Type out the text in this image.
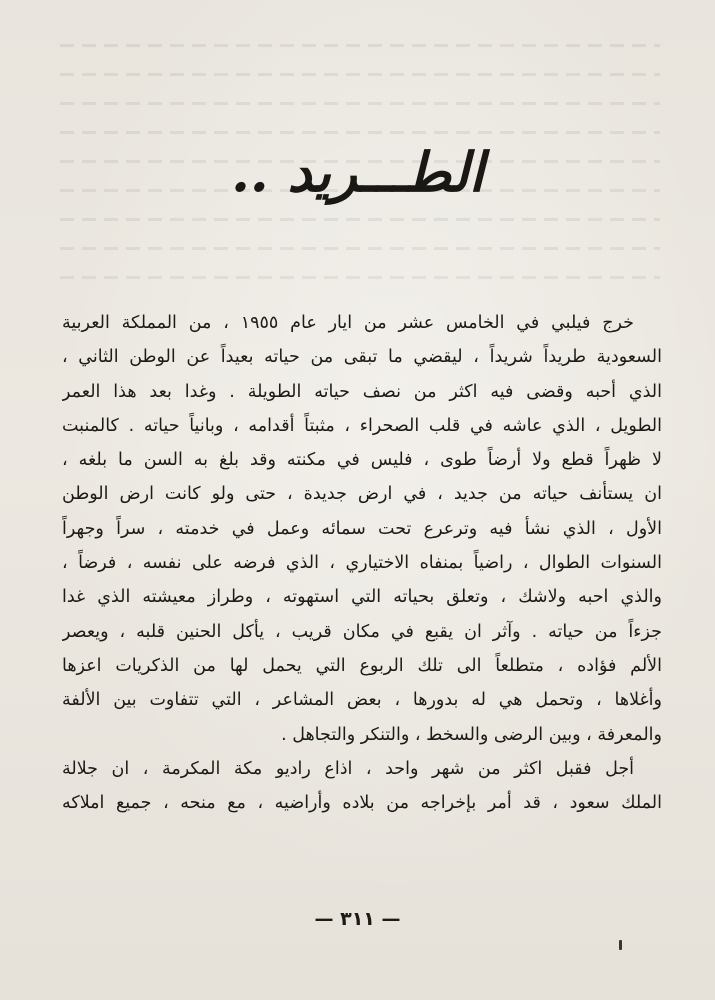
الطـــريد ..
خرج فيلبي في الخامس عشر من ايار عام ١٩٥٥ ، من المملكة العربية
السعودية طريداً شريداً ، ليقضي ما تبقى من حياته بعيداً عن الوطن الثاني ،
الذي أحبه وقضى فيه اكثر من نصف حياته الطويلة . وغدا بعد هذا العمر
الطويل ، الذي عاشه في قلب الصحراء ، مثبتاً أقدامه ، وبانياً حياته . كالمنبت
لا ظهراً قطع ولا أرضاً طوى ، فليس في مكنته وقد بلغ به السن ما بلغه ،
ان يستأنف حياته من جديد ، في ارض جديدة ، حتى ولو كانت ارض الوطن
الأول ، الذي نشأ فيه وترعرع تحت سمائه وعمل في خدمته ، سراً وجهراً
السنوات الطوال ، راضياً بمنفاه الاختياري ، الذي فرضه على نفسه ، فرضاً ،
والذي احبه ولاشك ، وتعلق بحياته التي استهوته ، وطراز معيشته الذي غدا
جزءاً من حياته . وآثر ان يقبع في مكان قريب ، يأكل الحنين قلبه ، ويعصر
الألم فؤاده ، متطلعاً الى تلك الربوع التي يحمل لها من الذكريات اعزها
وأغلاها ، وتحمل هي له بدورها ، بعض المشاعر ، التي تتفاوت بين الألفة
والمعرفة ، وبين الرضى والسخط ، والتنكر والتجاهل .
أجل فقبل اكثر من شهر واحد ، اذاع راديو مكة المكرمة ، ان جلالة
الملك سعود ، قد أمر بإخراجه من بلاده وأراضيه ، مع منحه ، جميع املاكه
— ٣١١ —
